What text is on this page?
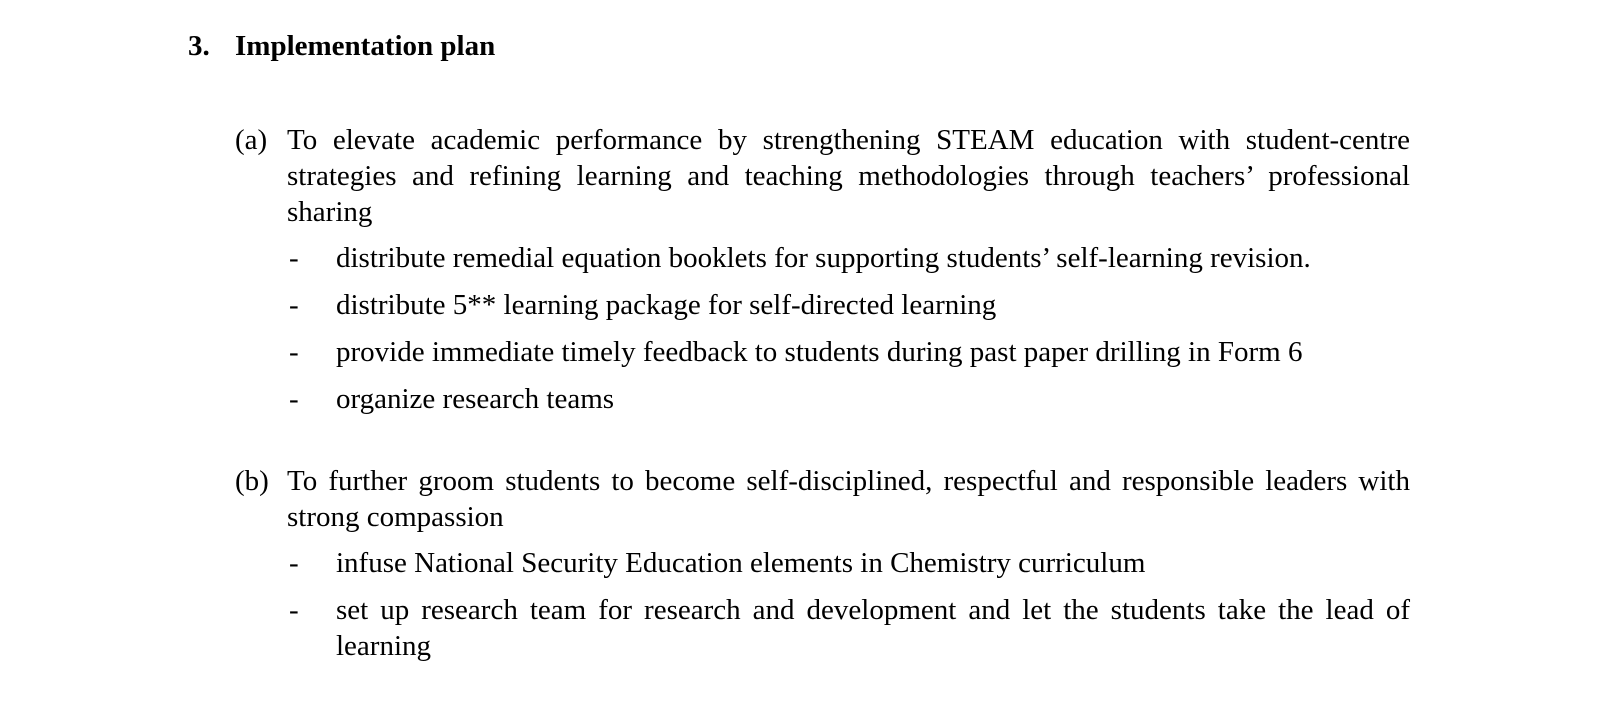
3. Implementation plan
(a) To elevate academic performance by strengthening STEAM education with student-centre strategies and refining learning and teaching methodologies through teachers’ professional sharing
- distribute remedial equation booklets for supporting students’ self-learning revision.
- distribute 5** learning package for self-directed learning
- provide immediate timely feedback to students during past paper drilling in Form 6
- organize research teams
(b) To further groom students to become self-disciplined, respectful and responsible leaders with strong compassion
- infuse National Security Education elements in Chemistry curriculum
- set up research team for research and development and let the students take the lead of learning
